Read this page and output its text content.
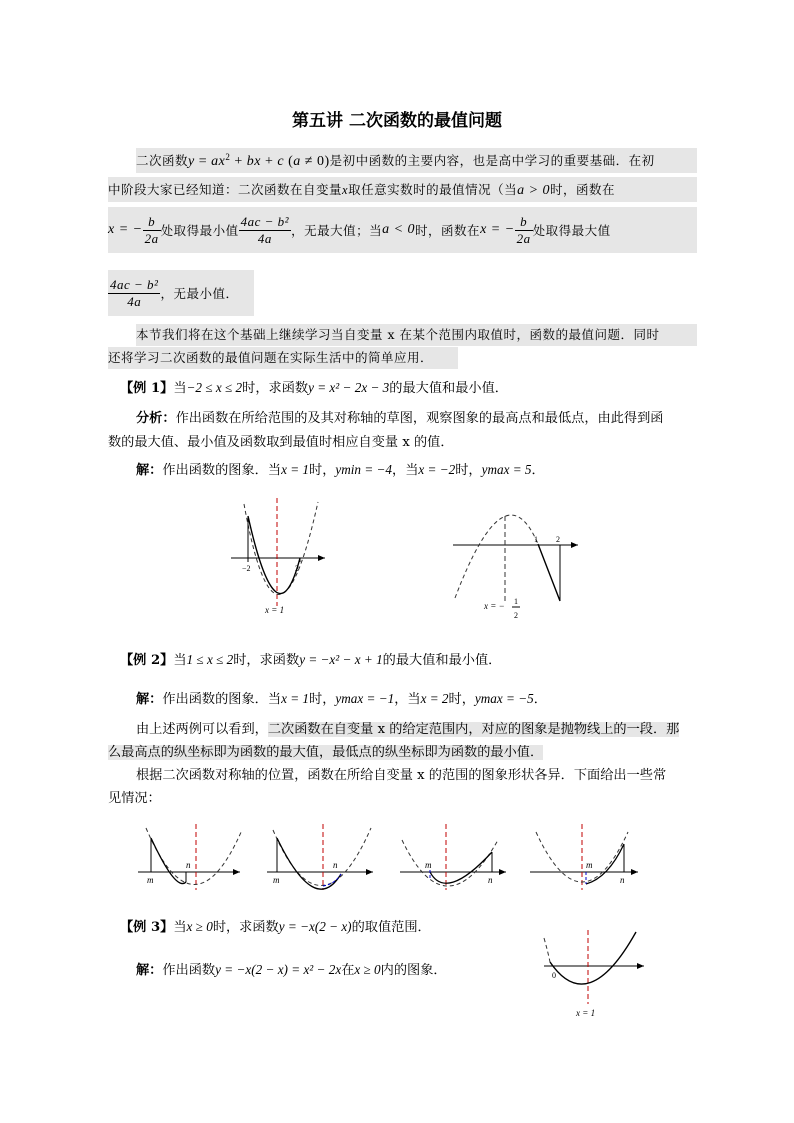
第五讲 二次函数的最值问题
二次函数$y = ax^2$ + bx + c (a ≠ 0)是初中函数的主要内容，也是高中学习的重要基础．在初
中阶段大家已经知道：二次函数在自变量x取任意实数时的最值情况（当a > 0时，函数在
x = − $\frac{b}{2a}$ 处取得最小值 $\frac{\text{4ac − b²}}{4a}$ ，无最大值；当 a < 0 时，函数在 x = − $\frac{b}{2a}$ 处取得最大值
$\frac{\text{4ac − b²}}{4a}$ ，无最小值．
本节我们将在这个基础上继续学习当自变量 x 在某个范围内取值时，函数的最值问题．同时
还将学习二次函数的最值问题在实际生活中的简单应用．
【例 1】当−2 ≤ x ≤ 2时，求函数y = x² − 2x − 3的最大值和最小值．
分析：作出函数在所给范围的及其对称轴的草图，观察图象的最高点和最低点，由此得到函
数的最大值、最小值及函数取到最值时相应自变量 x 的值．
解：作出函数的图象．当x = 1时，ymin = −4，当x = −2时，ymax = 5．
−2	2
x = 1
1 2
x = − 1
2
【例 2】当1 ≤ x ≤ 2时，求函数y = −x² − x + 1的最大值和最小值．
解：作出函数的图象．当x = 1时，ymax = −1，当x = 2时，ymax = −5．
由上述两例可以看到，二次函数在自变量 x 的给定范围内，对应的图象是抛物线上的一段．那
么最高点的纵坐标即为函数的最大值，最低点的纵坐标即为函数的最小值．
根据二次函数对称轴的位置，函数在所给自变量 x 的范围的图象形状各异．下面给出一些常
见情况：
m
n
m
n	m
n
m
n
【例 3】当x ≥ 0时，求函数y = −x(2 − x)的取值范围．
解：作出函数y = −x(2 − x) = x² − 2x在x ≥ 0内的图象．	0
x = 1
